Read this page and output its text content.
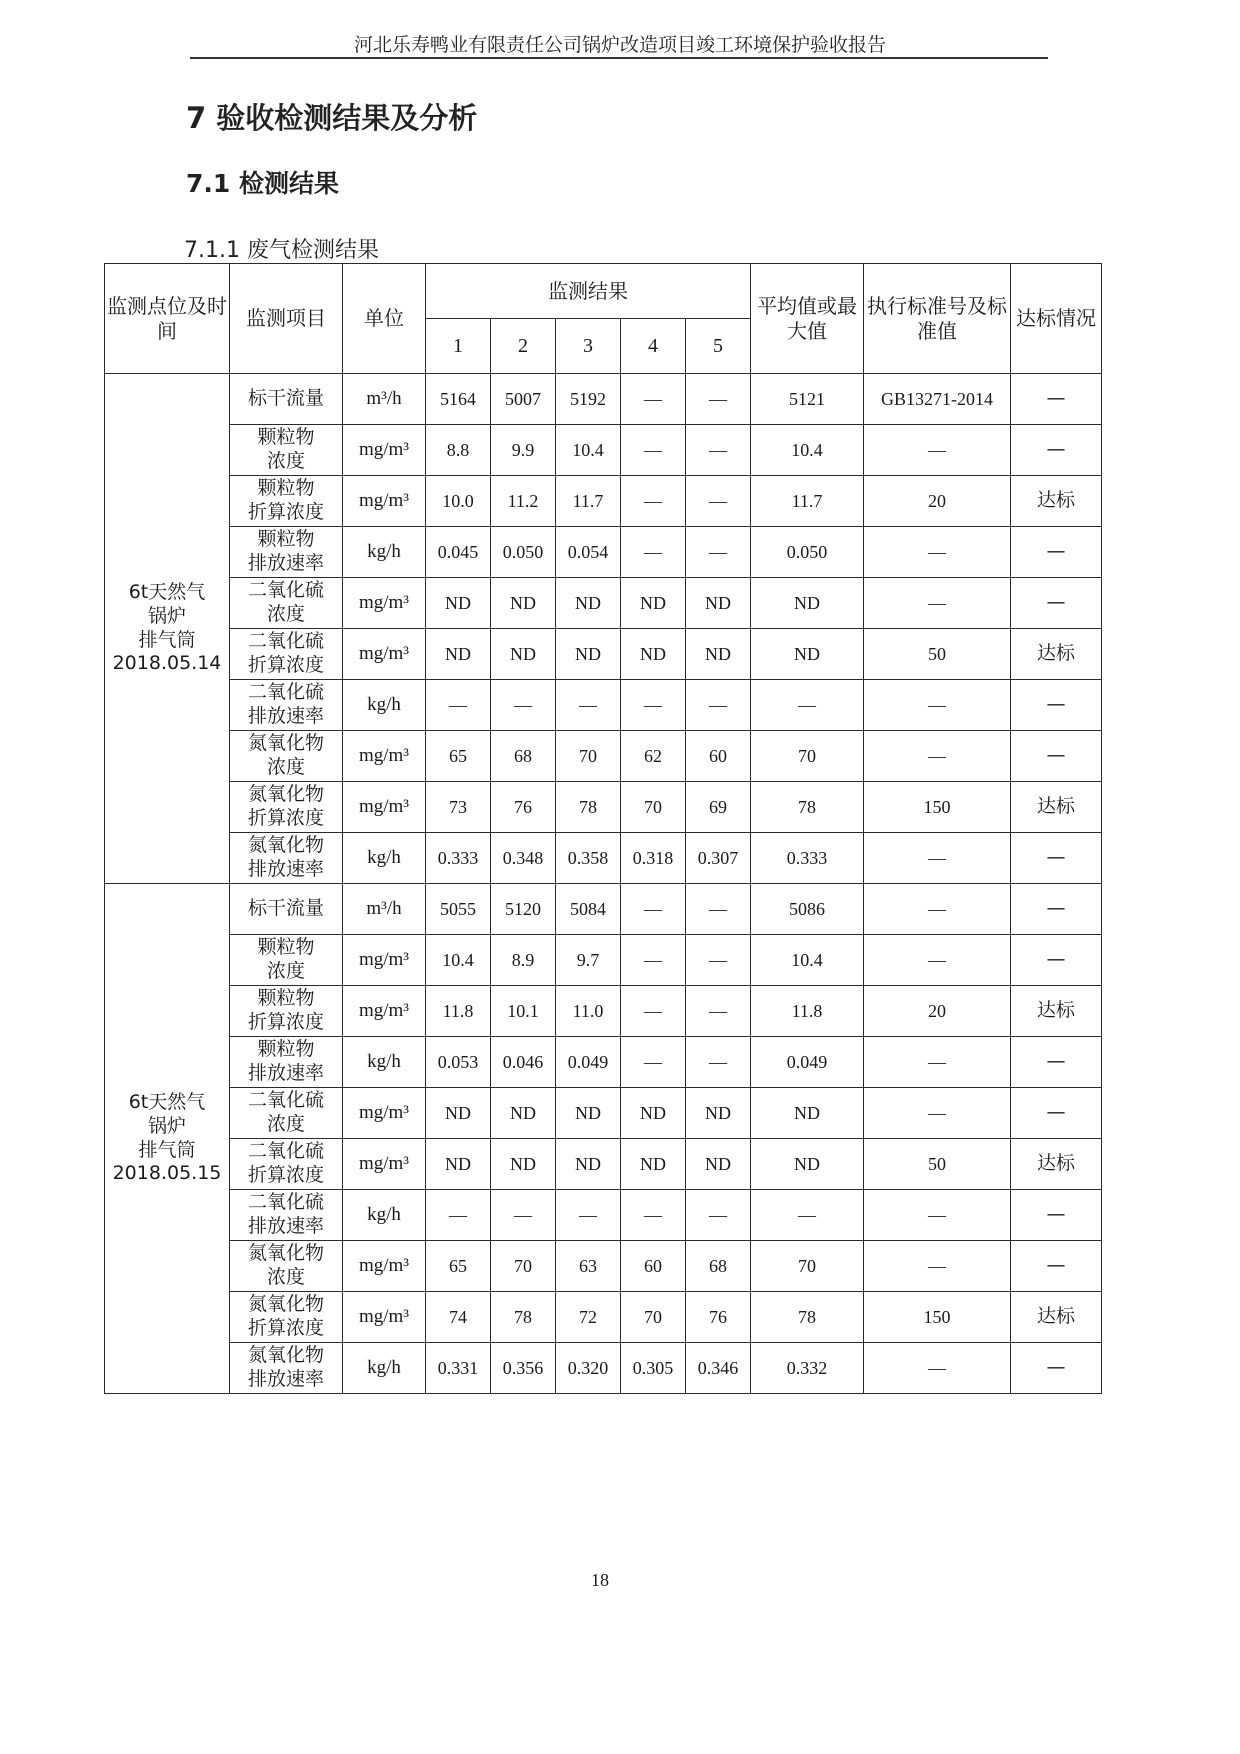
河北乐寿鸭业有限责任公司锅炉改造项目竣工环境保护验收报告
7 验收检测结果及分析
7.1 检测结果
7.1.1 废气检测结果
监测点位及时间	监测项目	单位	监测结果					平均值或最大值	执行标准号及标准值	达标情况
			1	2	3	4	5			

6t天然气
锅炉
排气筒
2018.05.14	标干流量	m³/h	5164	5007	5192	—	—	5121	GB13271-2014	—

	颗粒物
浓度	mg/m³	8.8	9.9	10.4	—	—	10.4	—	—

	颗粒物
折算浓度	mg/m³	10.0	11.2	11.7	—	—	11.7	20	达标

	颗粒物
排放速率	kg/h	0.045	0.050	0.054	—	—	0.050	—	—

	二氧化硫
浓度	mg/m³	ND	ND	ND	ND	ND	ND	—	—

	二氧化硫
折算浓度	mg/m³	ND	ND	ND	ND	ND	ND	50	达标

	二氧化硫
排放速率	kg/h	—	—	—	—	—	—	—	—

	氮氧化物
浓度	mg/m³	65	68	70	62	60	70	—	—

	氮氧化物
折算浓度	mg/m³	73	76	78	70	69	78	150	达标

	氮氧化物
排放速率	kg/h	0.333	0.348	0.358	0.318	0.307	0.333	—	—

6t天然气
锅炉
排气筒
2018.05.15	标干流量	m³/h	5055	5120	5084	—	—	5086	—	—

	颗粒物
浓度	mg/m³	10.4	8.9	9.7	—	—	10.4	—	—

	颗粒物
折算浓度	mg/m³	11.8	10.1	11.0	—	—	11.8	20	达标

	颗粒物
排放速率	kg/h	0.053	0.046	0.049	—	—	0.049	—	—

	二氧化硫
浓度	mg/m³	ND	ND	ND	ND	ND	ND	—	—

	二氧化硫
折算浓度	mg/m³	ND	ND	ND	ND	ND	ND	50	达标

	二氧化硫
排放速率	kg/h	—	—	—	—	—	—	—	—

	氮氧化物
浓度	mg/m³	65	70	63	60	68	70	—	—

	氮氧化物
折算浓度	mg/m³	74	78	72	70	76	78	150	达标

	氮氧化物
排放速率	kg/h	0.331	0.356	0.320	0.305	0.346	0.332	—	—
18
